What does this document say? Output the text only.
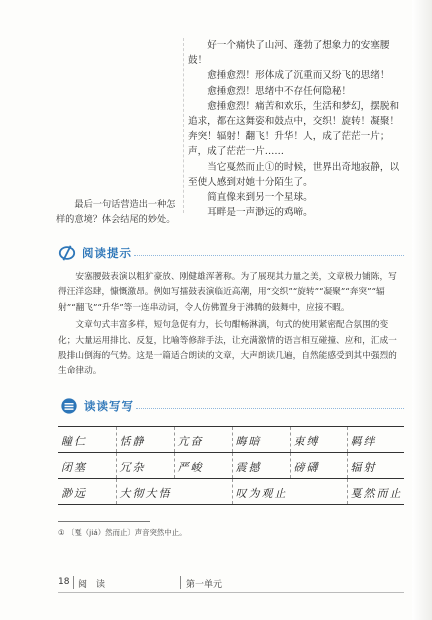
好一个痛快了山河、蓬勃了想象力的安塞腰鼓！

愈捶愈烈！形体成了沉重而又纷飞的思绪！

愈捶愈烈！思绪中不存任何隐秘！

愈捶愈烈！痛苦和欢乐，生活和梦幻，摆脱和追求，都在这舞姿和鼓点中，交织！旋转！凝聚！奔突！辐射！翻飞！升华！人，成了茫茫一片；声，成了茫茫一片……

当它戛然而止①的时候，世界出奇地寂静，以至使人感到对她十分陌生了。

简直像来到另一个星球。

耳畔是一声渺远的鸡啼。

最后一句话营造出一种怎样的意境？体会结尾的妙处。

阅读提示

安塞腰鼓表演以粗犷豪放、刚健雄浑著称。为了展现其力量之美，文章极力铺陈，写得汪洋恣肆，慷慨激昂。例如写擂鼓表演临近高潮，用“交织”“旋转”“凝聚”“奔突”“辐射”“翻飞”“升华”等一连串动词，令人仿佛置身于沸腾的鼓舞中，应接不暇。

文章句式丰富多样，短句急促有力，长句酣畅淋漓，句式的使用紧密配合氛围的变化；大量运用排比、反复，比喻等修辞手法，让充满激情的语言相互碰撞、应和，汇成一股排山倒海的气势。这是一篇适合朗读的文章，大声朗读几遍，自然能感受到其中强烈的生命律动。

读读写写
瞳仁	恬静	亢奋	晦暗	束缚	羁绊
闭塞	冗杂	严峻	震撼	磅礴	辐射
渺远	大彻大悟		叹为观止		戛然而止
① 〔戛（jiá）然而止〕声音突然中止。
18 阅　读	第一单元
